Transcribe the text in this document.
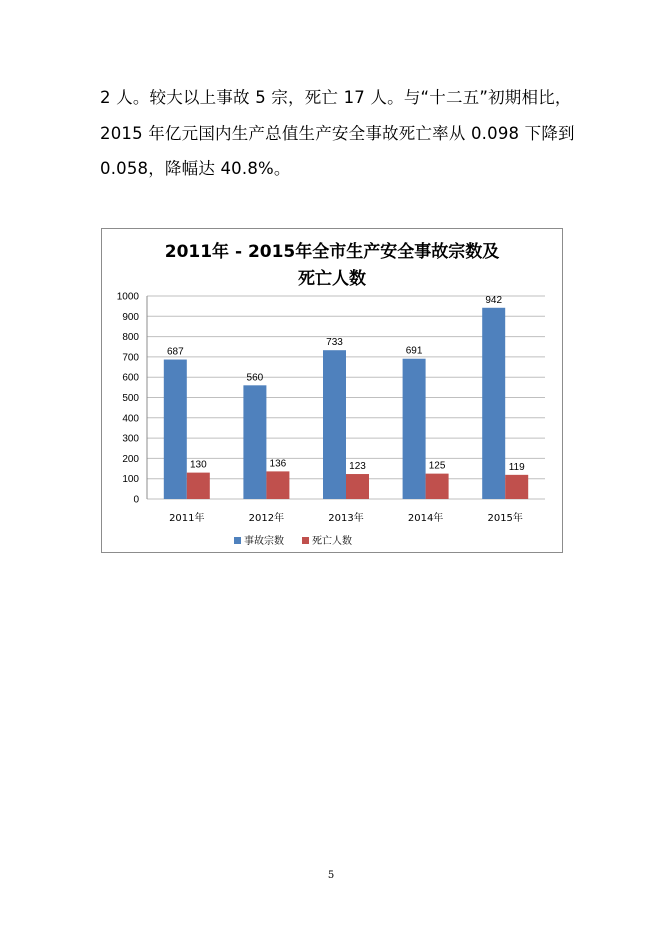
2 人。较大以上事故 5 宗，死亡 17 人。与“十二五”初期相比，
2015 年亿元国内生产总值生产安全事故死亡率从 0.098 下降到
0.058，降幅达 40.8%。
2011年 - 2015年全市生产安全事故宗数及
死亡人数
0
100
200
300
400
500
600
700
800
900
1000
687
130
2011年
560
136
2012年
733
123
2013年
691
125
2014年
942
119
2015年
事故宗数	死亡人数
5
